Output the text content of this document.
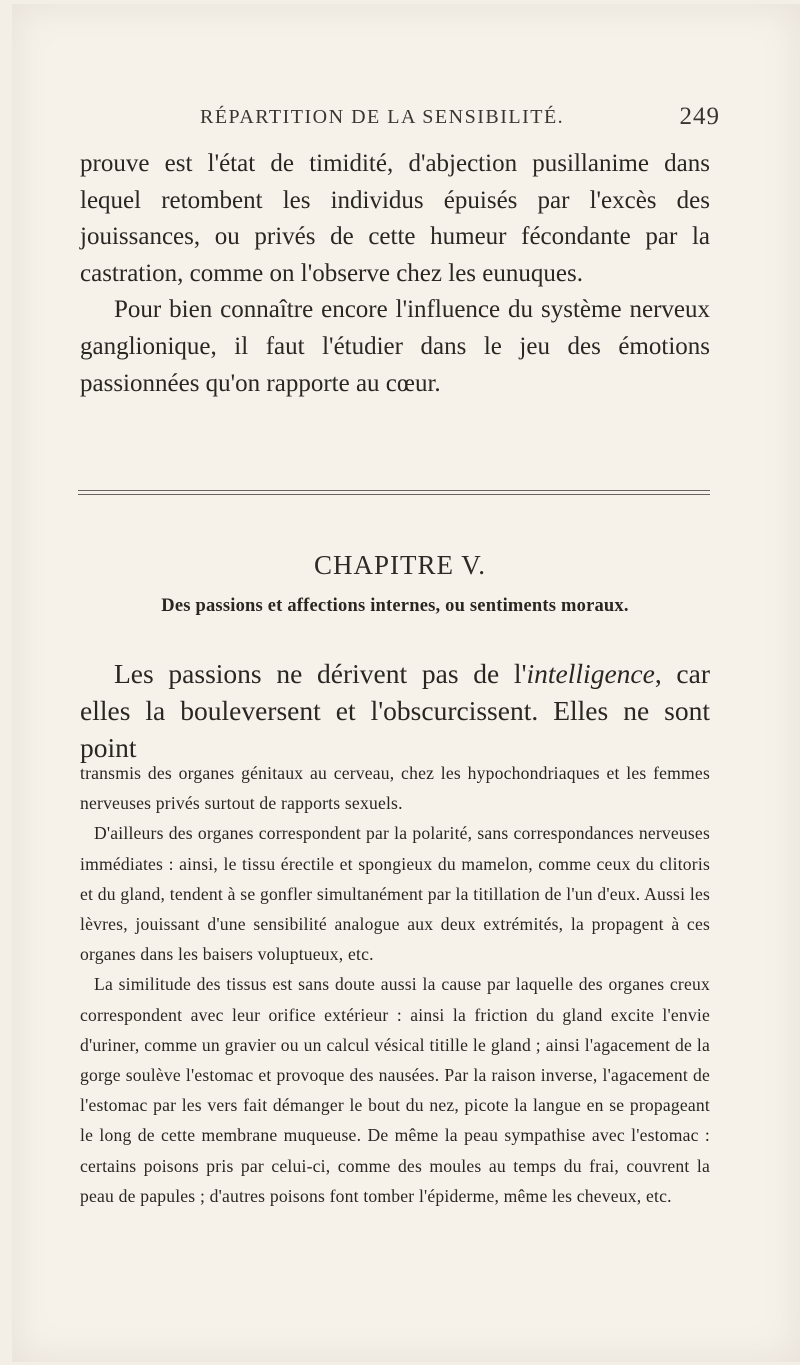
RÉPARTITION DE LA SENSIBILITÉ.	249

prouve est l'état de timidité, d'abjection pusillanime dans lequel retombent les individus épuisés par l'excès des jouissances, ou privés de cette humeur fécondante par la castration, comme on l'observe chez les eunuques.

Pour bien connaître encore l'influence du système nerveux ganglionique, il faut l'étudier dans le jeu des émotions passionnées qu'on rapporte au cœur.

CHAPITRE V.
Des passions et affections internes, ou sentiments moraux.

Les passions ne dérivent pas de l'intelligence, car elles la bouleversent et l'obscurcissent. Elles ne sont point

transmis des organes génitaux au cerveau, chez les hypochondriaques et les femmes nerveuses privés surtout de rapports sexuels.

D'ailleurs des organes correspondent par la polarité, sans correspondances nerveuses immédiates : ainsi, le tissu érectile et spongieux du mamelon, comme ceux du clitoris et du gland, tendent à se gonfler simultanément par la titillation de l'un d'eux. Aussi les lèvres, jouissant d'une sensibilité analogue aux deux extrémités, la propagent à ces organes dans les baisers voluptueux, etc.

La similitude des tissus est sans doute aussi la cause par laquelle des organes creux correspondent avec leur orifice extérieur : ainsi la friction du gland excite l'envie d'uriner, comme un gravier ou un calcul vésical titille le gland ; ainsi l'agacement de la gorge soulève l'estomac et provoque des nausées. Par la raison inverse, l'agacement de l'estomac par les vers fait démanger le bout du nez, picote la langue en se propageant le long de cette membrane muqueuse. De même la peau sympathise avec l'estomac : certains poisons pris par celui-ci, comme des moules au temps du frai, couvrent la peau de papules ; d'autres poisons font tomber l'épiderme, même les cheveux, etc.
